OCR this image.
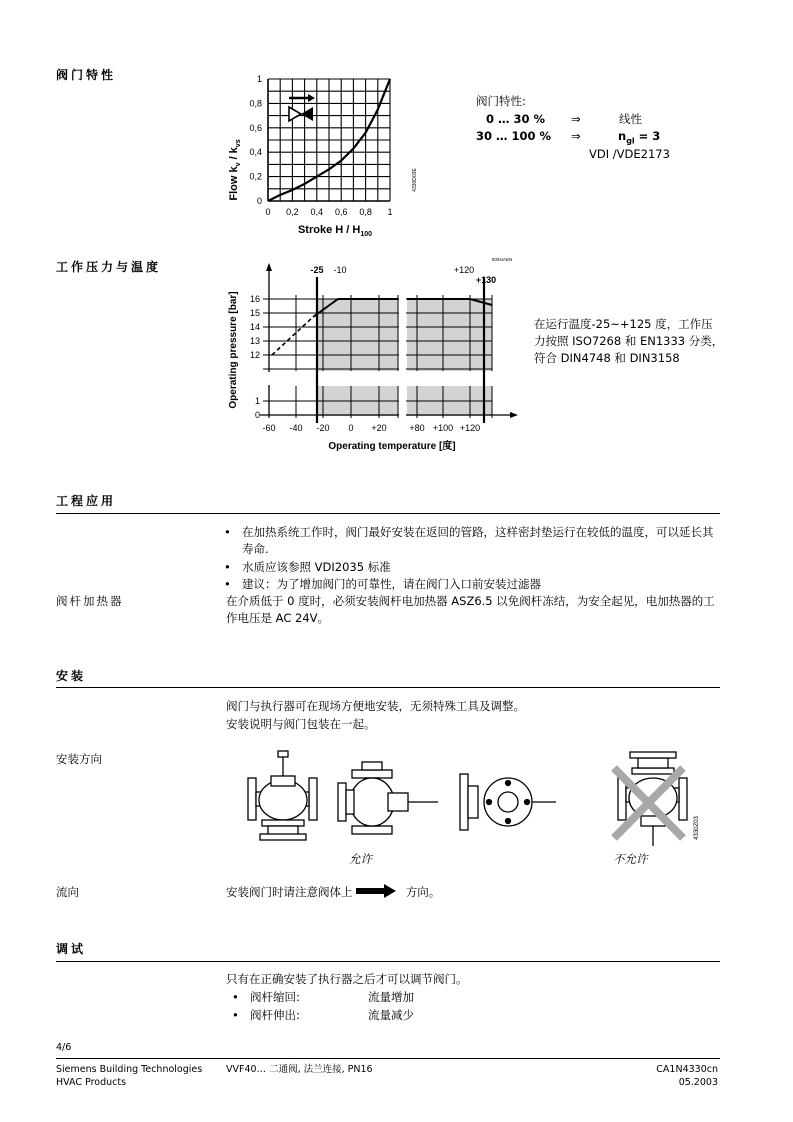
阀门特性
0 0,2 0,4 0,6 0,8 1
0
0,2
0,4
0,6
0,8
1
Flow $k_v / k_{vs}$
Stroke H / $H_{100}$
4330D03E
阀门特性:
0 … 30 % ⇒	线性
30 … 100 % ⇒	$n_{gl} = 3$
VDI /VDE2173
工作压力与温度	-25 -10	+120
+130
12
13
14
15
16
0
1
-60 -40 -20 0 +20	+80 +100 +120
Operating pressure [bar]
Operating temperature [度]
0004IAEN
在运行温度-25~+125 度，工作压力按照 ISO7268 和 EN1333 分类，符合 DIN4748 和 DIN3158
工程应用
• 在加热系统工作时，阀门最好安装在返回的管路，这样密封垫运行在较低的温度，可以延长其寿命.
• 水质应该参照 VDI2035 标准
• 建议：为了增加阀门的可靠性，请在阀门入口前安装过滤器
阀杆加热器	在介质低于 0 度时，必须安装阀杆电加热器 ASZ6.5 以免阀杆冻结，为安全起见，电加热器的工作电压是 AC 24V。
安装
阀门与执行器可在现场方便地安装，无须特殊工具及调整。
安装说明与阀门包装在一起。
安装方向
4330Z03
允许	不允许
流向	安装阀门时请注意阀体上	方向。
调试
只有在正确安装了执行器之后才可以调节阀门。
• 阀杆缩回:	流量增加
• 阀杆伸出:	流量减少
4/6
Siemens Building Technologies
HVAC Products
VVF40… 二通阀, 法兰连接, PN16	CA1N4330cn
05.2003
